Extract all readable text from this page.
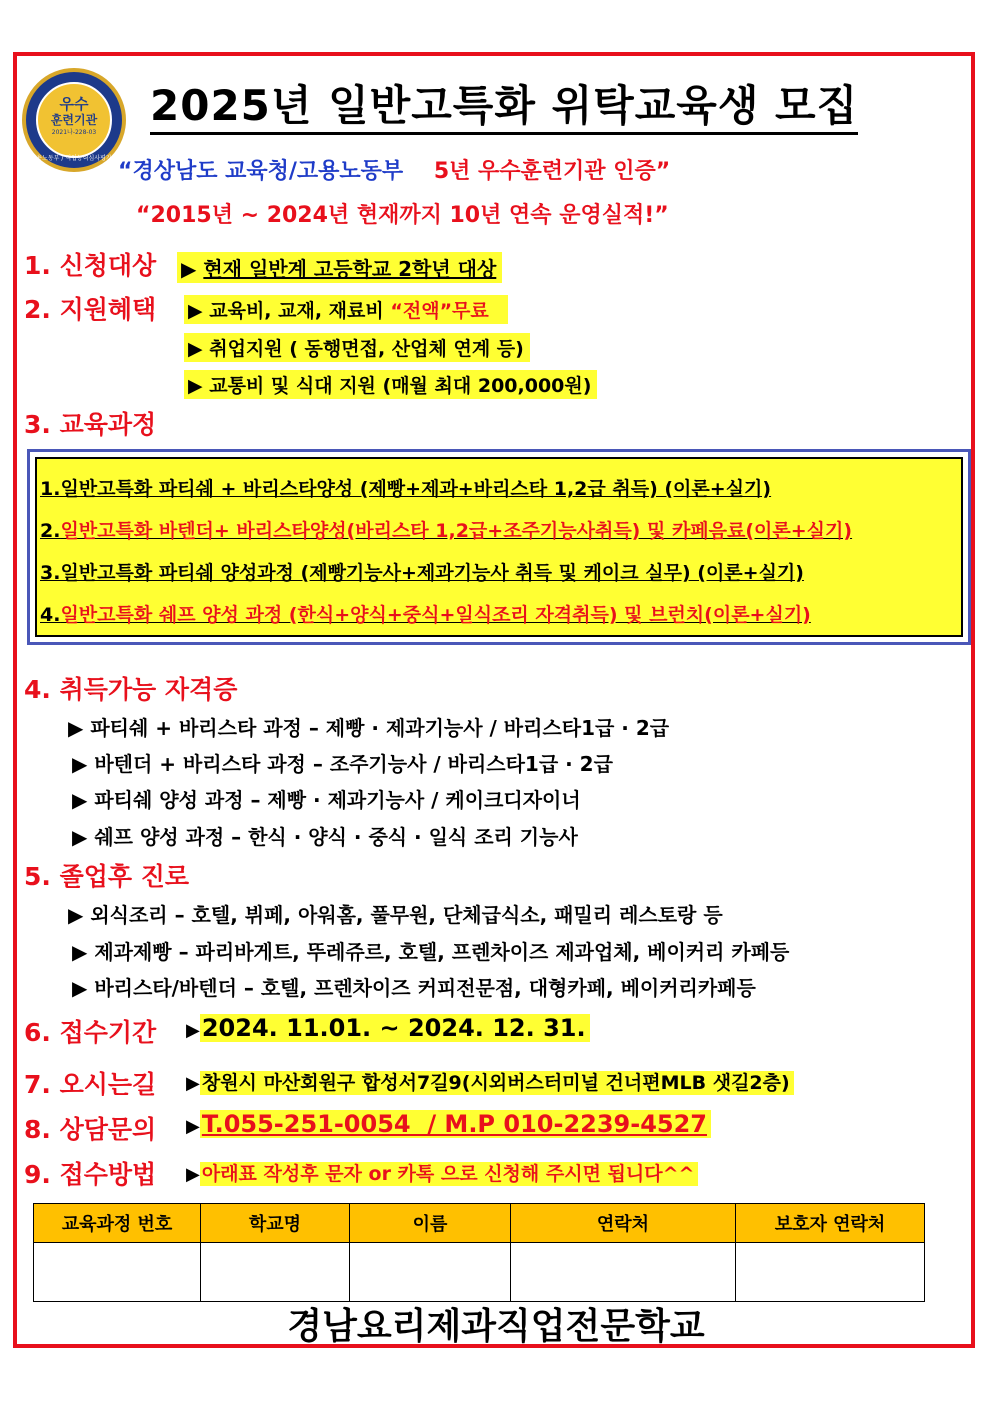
우수
훈련기관
2021나-228-03
고용노동부 / 직업능력심사평가원
2025년 일반고특화 위탁교육생 모집
“경상남도 교육청/고용노동부 5년 우수훈련기관 인증”
“2015년 ~ 2024년 현재까지 10년 연속 운영실적!”
1. 신청대상 ▶ 현재 일반계 고등학교 2학년 대상
2. 지원혜택 ▶ 교육비, 교재, 재료비 “전액”무료
▶ 취업지원 ( 동행면접, 산업체 연계 등)
▶ 교통비 및 식대 지원 (매월 최대 200,000원)
3. 교육과정
1.일반고특화 파티쉐 + 바리스타양성 (제빵+제과+바리스타 1,2급 취득) (이론+실기)
2.일반고특화 바텐더+ 바리스타양성(바리스타 1,2급+조주기능사취득) 및 카페음료(이론+실기)
3.일반고특화 파티쉐 양성과정 (제빵기능사+제과기능사 취득 및 케이크 실무) (이론+실기)
4.일반고특화 쉐프 양성 과정 (한식+양식+중식+일식조리 자격취득) 및 브런치(이론+실기)
4. 취득가능 자격증
▶ 파티쉐 + 바리스타 과정 – 제빵 · 제과기능사 / 바리스타1급 · 2급
▶ 바텐더 + 바리스타 과정 – 조주기능사 / 바리스타1급 · 2급
▶ 파티쉐 양성 과정 – 제빵 · 제과기능사 / 케이크디자이너
▶ 쉐프 양성 과정 – 한식 · 양식 · 중식 · 일식 조리 기능사
5. 졸업후 진로
▶ 외식조리 – 호텔, 뷔페, 아워홈, 풀무원, 단체급식소, 패밀리 레스토랑 등
▶ 제과제빵 – 파리바게트, 뚜레쥬르, 호텔, 프렌차이즈 제과업체, 베이커리 카페등
▶ 바리스타/바텐더 – 호텔, 프렌차이즈 커피전문점, 대형카페, 베이커리카페등
6. 접수기간 ▶2024. 11.01. ~ 2024. 12. 31.
7. 오시는길 ▶ 창원시 마산회원구 합성서7길9(시외버스터미널 건너편MLB 샛길2층)
8. 상담문의 ▶T.055-251-0054  / M.P 010-2239-4527
9. 접수방법 ▶ 아래표 작성후 문자 or 카톡 으로 신청해 주시면 됩니다^^
교육과정 번호	학교명	이름	연락처	보호자 연락처

경남요리제과직업전문학교
